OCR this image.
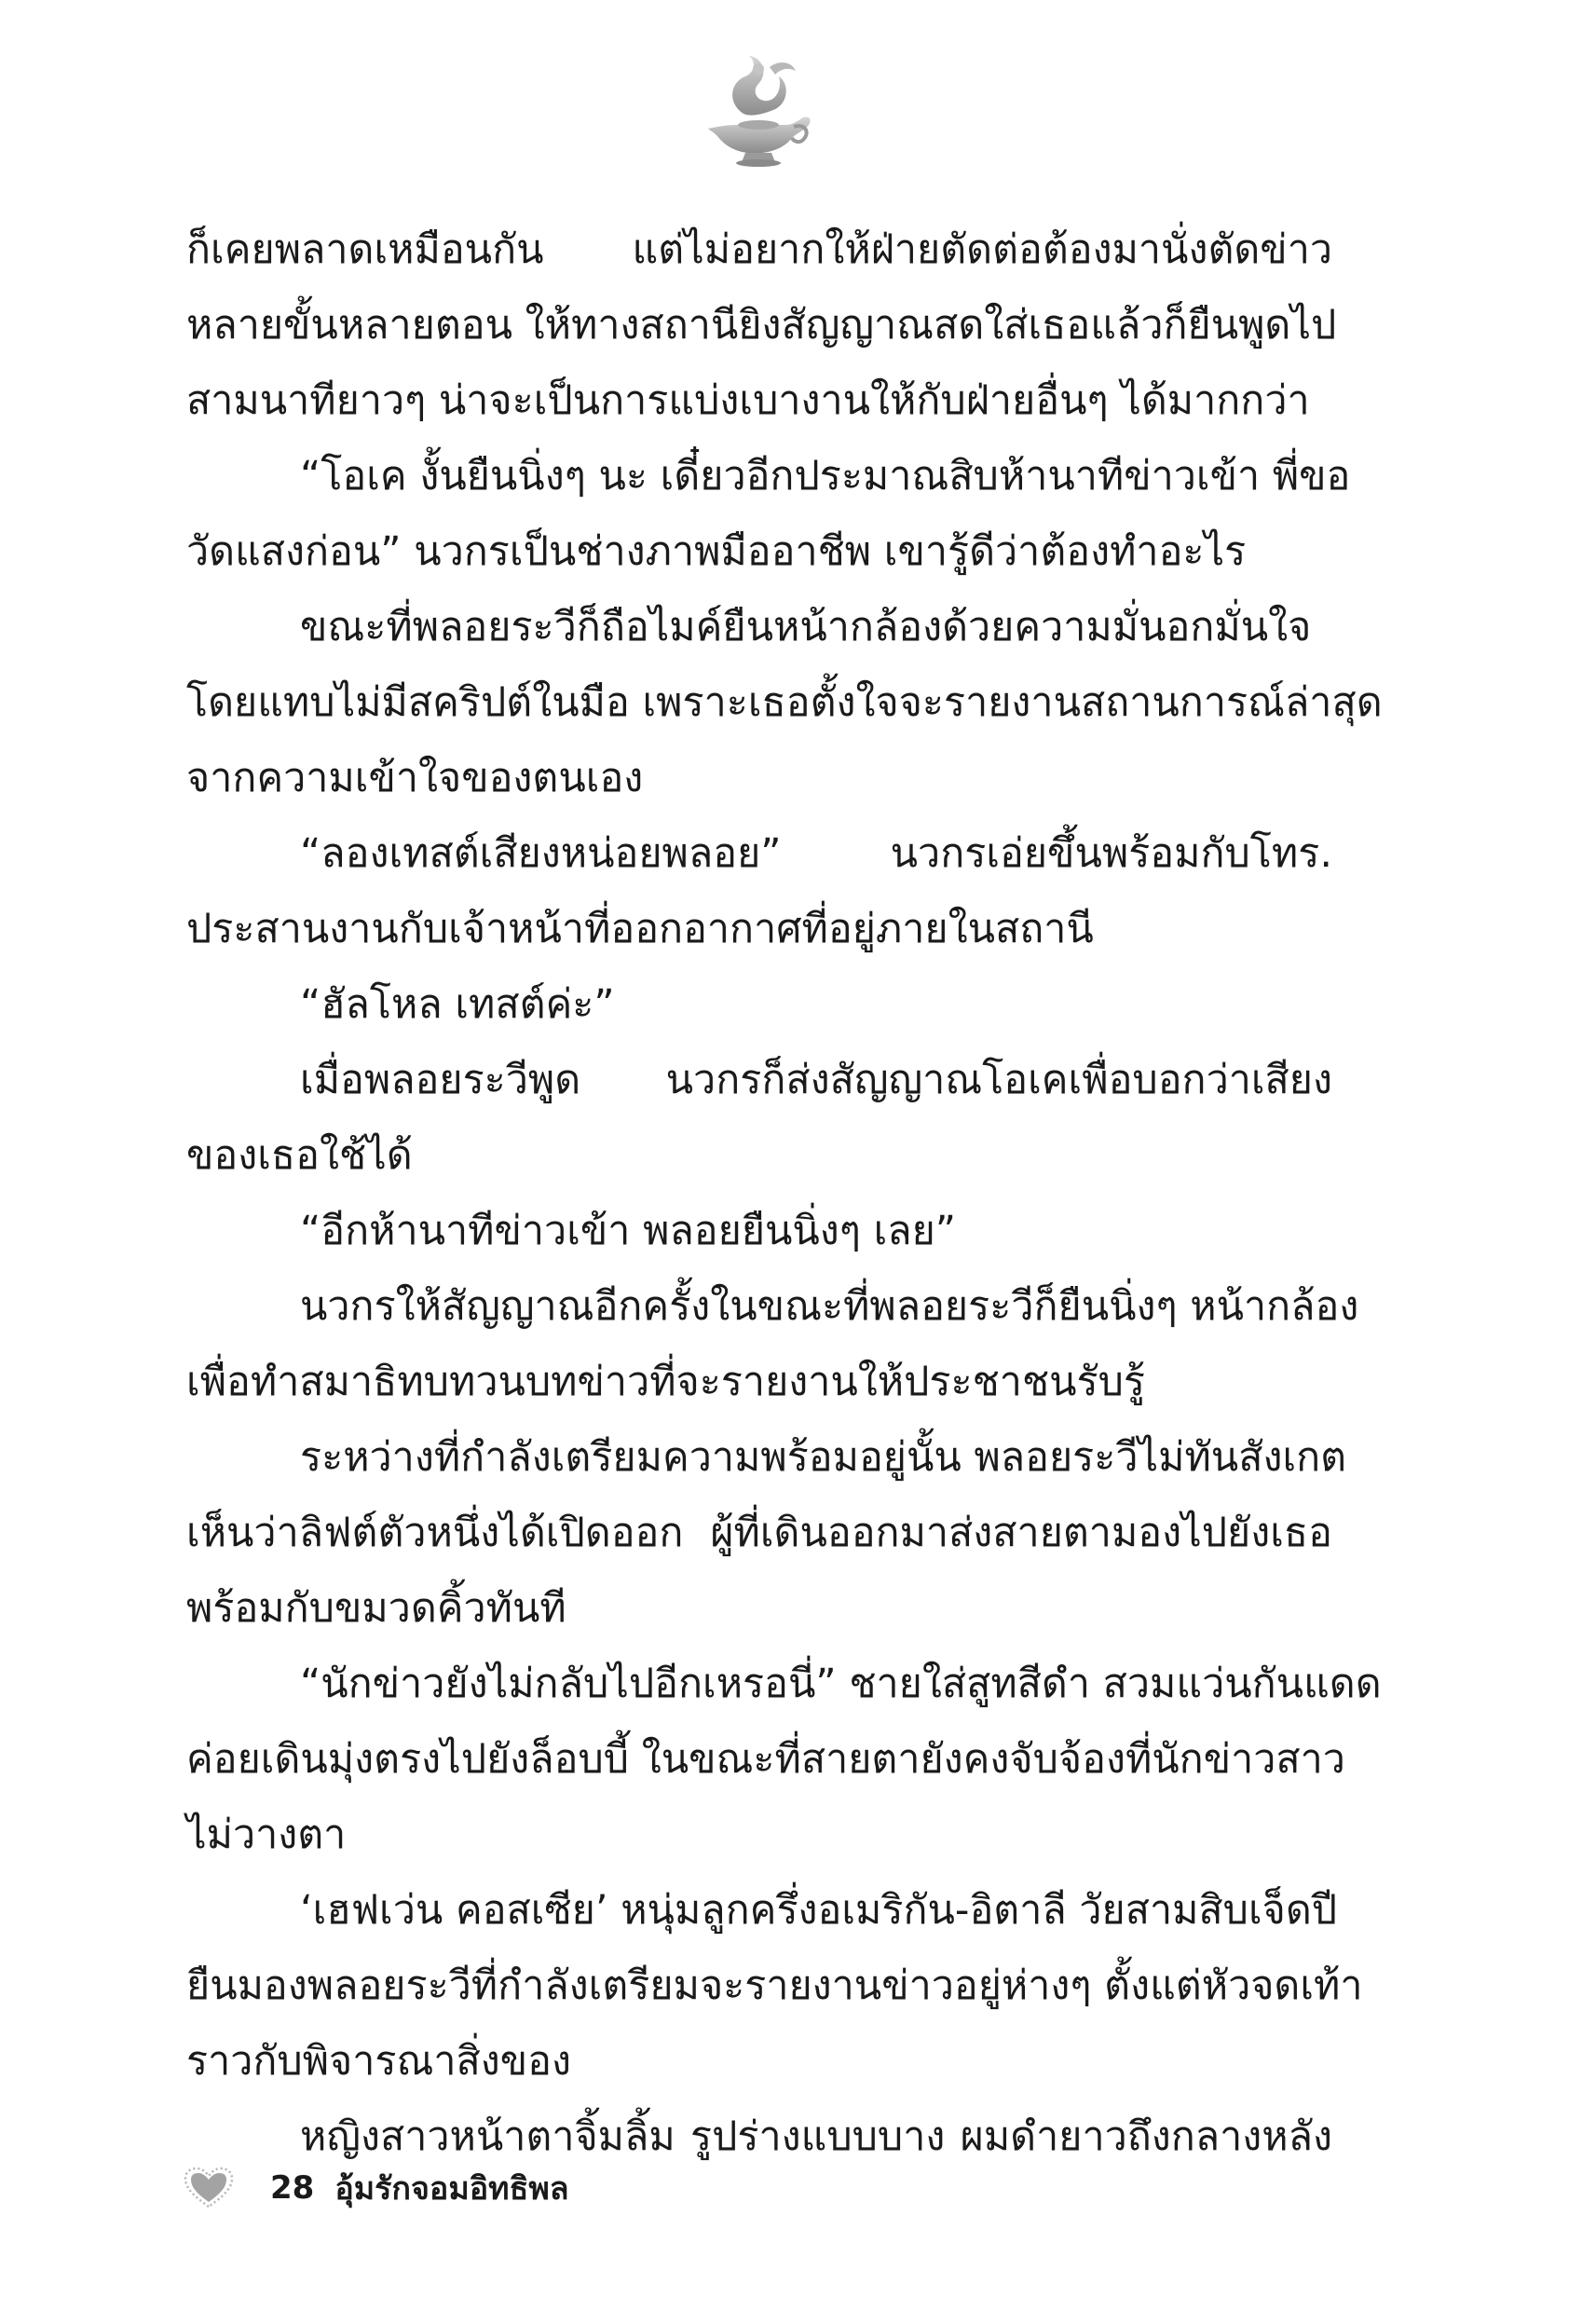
ก็เคยพลาดเหมือนกัน แต่ไม่อยากให้ฝ่ายตัดต่อต้องมานั่งตัดข่าว
หลายขั้นหลายตอน ให้ทางสถานียิงสัญญาณสดใส่เธอแล้วก็ยืนพูดไป
สามนาทียาวๆ น่าจะเป็นการแบ่งเบางานให้กับฝ่ายอื่นๆ ได้มากกว่า
“โอเค งั้นยืนนิ่งๆ นะ เดี๋ยวอีกประมาณสิบห้านาทีข่าวเข้า พี่ขอ
วัดแสงก่อน” นวกรเป็นช่างภาพมืออาชีพ เขารู้ดีว่าต้องทำอะไร
ขณะที่พลอยระวีก็ถือไมค์ยืนหน้ากล้องด้วยความมั่นอกมั่นใจ
โดยแทบไม่มีสคริปต์ในมือ เพราะเธอตั้งใจจะรายงานสถานการณ์ล่าสุด
จากความเข้าใจของตนเอง
“ลองเทสต์เสียงหน่อยพลอย” นวกรเอ่ยขึ้นพร้อมกับโทร.
ประสานงานกับเจ้าหน้าที่ออกอากาศที่อยู่ภายในสถานี
“ฮัลโหล เทสต์ค่ะ”
เมื่อพลอยระวีพูด นวกรก็ส่งสัญญาณโอเคเพื่อบอกว่าเสียง
ของเธอใช้ได้
“อีกห้านาทีข่าวเข้า พลอยยืนนิ่งๆ เลย”
นวกรให้สัญญาณอีกครั้งในขณะที่พลอยระวีก็ยืนนิ่งๆ หน้ากล้อง
เพื่อทำสมาธิทบทวนบทข่าวที่จะรายงานให้ประชาชนรับรู้
ระหว่างที่กำลังเตรียมความพร้อมอยู่นั้น พลอยระวีไม่ทันสังเกต
เห็นว่าลิฟต์ตัวหนึ่งได้เปิดออก ผู้ที่เดินออกมาส่งสายตามองไปยังเธอ
พร้อมกับขมวดคิ้วทันที
“นักข่าวยังไม่กลับไปอีกเหรอนี่” ชายใส่สูทสีดำ สวมแว่นกันแดด
ค่อยเดินมุ่งตรงไปยังล็อบบี้ ในขณะที่สายตายังคงจับจ้องที่นักข่าวสาว
ไม่วางตา
‘เฮฟเว่น คอสเซีย’ หนุ่มลูกครึ่งอเมริกัน-อิตาลี วัยสามสิบเจ็ดปี
ยืนมองพลอยระวีที่กำลังเตรียมจะรายงานข่าวอยู่ห่างๆ ตั้งแต่หัวจดเท้า
ราวกับพิจารณาสิ่งของ
หญิงสาวหน้าตาจิ้มลิ้ม รูปร่างแบบบาง ผมดำยาวถึงกลางหลัง
28 อุ้มรักจอมอิทธิพล
